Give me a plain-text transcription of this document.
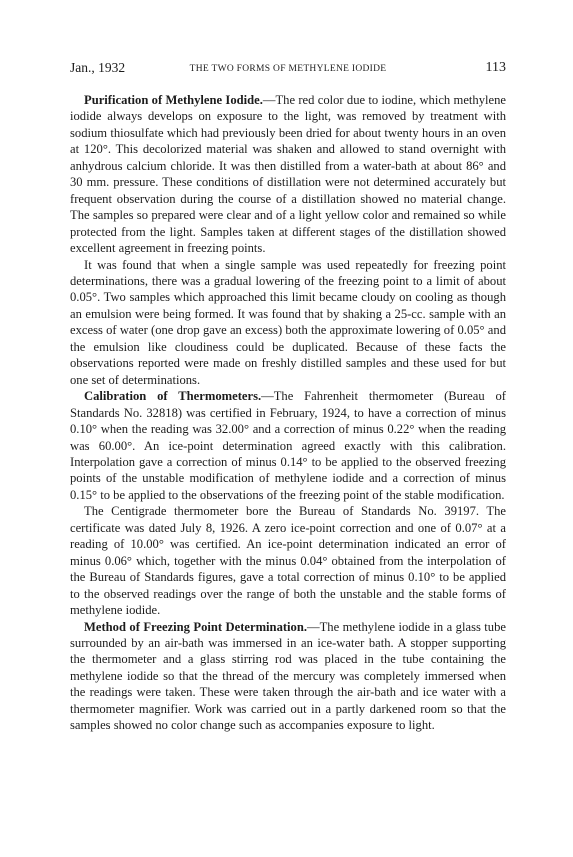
Jan., 1932	THE TWO FORMS OF METHYLENE IODIDE	113

Purification of Methylene Iodide.—The red color due to iodine, which methylene iodide always develops on exposure to the light, was removed by treatment with sodium thiosulfate which had previously been dried for about twenty hours in an oven at 120°. This decolorized material was shaken and allowed to stand overnight with anhydrous calcium chloride. It was then distilled from a water-bath at about 86° and 30 mm. pressure. These conditions of distillation were not determined accurately but frequent observation during the course of a distillation showed no material change. The samples so prepared were clear and of a light yellow color and remained so while protected from the light. Samples taken at different stages of the distillation showed excellent agreement in freezing points.

It was found that when a single sample was used repeatedly for freezing point determinations, there was a gradual lowering of the freezing point to a limit of about 0.05°. Two samples which approached this limit became cloudy on cooling as though an emulsion were being formed. It was found that by shaking a 25-cc. sample with an excess of water (one drop gave an excess) both the approximate lowering of 0.05° and the emulsion like cloudiness could be duplicated. Because of these facts the observations reported were made on freshly distilled samples and these used for but one set of determinations.

Calibration of Thermometers.—The Fahrenheit thermometer (Bureau of Standards No. 32818) was certified in February, 1924, to have a correction of minus 0.10° when the reading was 32.00° and a correction of minus 0.22° when the reading was 60.00°. An ice-point determination agreed exactly with this calibration. Interpolation gave a correction of minus 0.14° to be applied to the observed freezing points of the unstable modification of methylene iodide and a correction of minus 0.15° to be applied to the observations of the freezing point of the stable modification.

The Centigrade thermometer bore the Bureau of Standards No. 39197. The certificate was dated July 8, 1926. A zero ice-point correction and one of 0.07° at a reading of 10.00° was certified. An ice-point determination indicated an error of minus 0.06° which, together with the minus 0.04° obtained from the interpolation of the Bureau of Standards figures, gave a total correction of minus 0.10° to be applied to the observed readings over the range of both the unstable and the stable forms of methylene iodide.

Method of Freezing Point Determination.—The methylene iodide in a glass tube surrounded by an air-bath was immersed in an ice-water bath. A stopper supporting the thermometer and a glass stirring rod was placed in the tube containing the methylene iodide so that the thread of the mercury was completely immersed when the readings were taken. These were taken through the air-bath and ice water with a thermometer magnifier. Work was carried out in a partly darkened room so that the samples showed no color change such as accompanies exposure to light.
